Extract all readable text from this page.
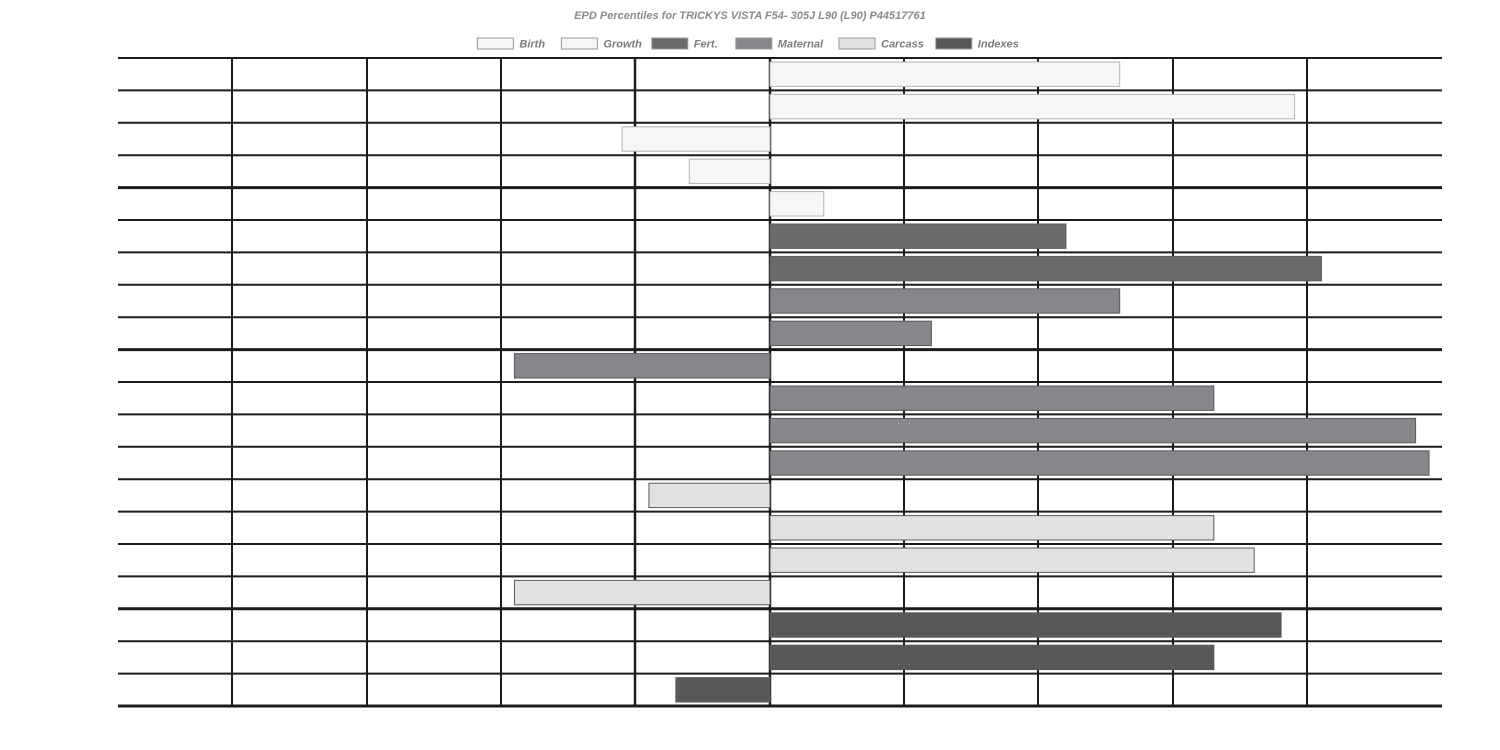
EPD Percentiles for TRICKYS VISTA F54- 305J L90 (L90) P44517761
Birth	Growth	Fert.	Maternal	Carcass	Indexes
